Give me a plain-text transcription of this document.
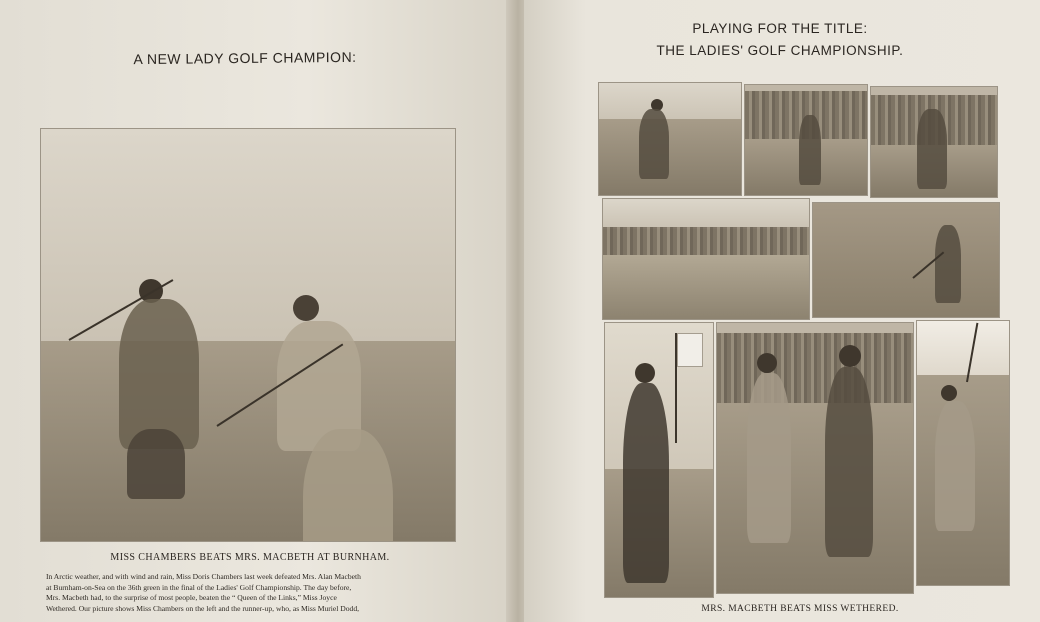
A NEW LADY GOLF CHAMPION:
MISS CHAMBERS BEATS MRS. MACBETH AT BURNHAM.
In Arctic weather, and with wind and rain, Miss Doris Chambers last week defeated Mrs. Alan Macbeth
at Burnham-on-Sea on the 36th green in the final of the Ladies' Golf Championship. The day before,
Mrs. Macbeth had, to the surprise of most people, beaten the “ Queen of the Links,” Miss Joyce
Wethered. Our picture shows Miss Chambers on the left and the runner-up, who, as Miss Muriel Dodd,
PLAYING FOR THE TITLE:
THE LADIES' GOLF CHAMPIONSHIP.
MRS. MACBETH BEATS MISS WETHERED.
